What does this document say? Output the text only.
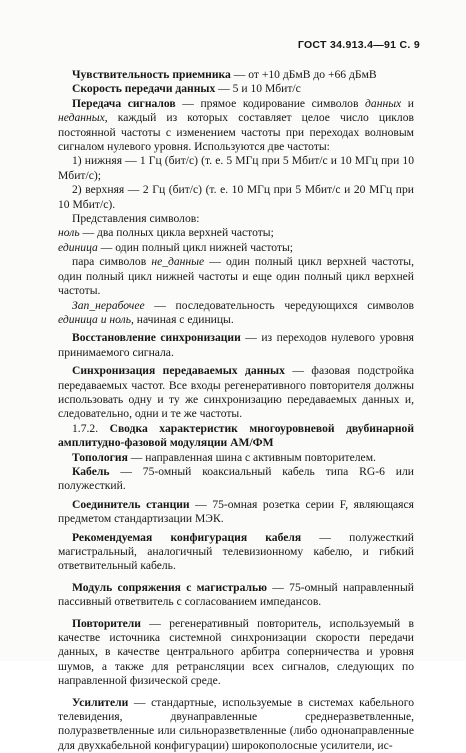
ГОСТ 34.913.4—91 С. 9

Чувствительность приемника — от +10 дБмВ до +66 дБмВ

Скорость передачи данных — 5 и 10 Мбит/с

Передача сигналов — прямое кодирование символов данных и неданных, каждый из которых составляет целое число циклов постоянной частоты с изменением частоты при переходах волновым сигналом нулевого уровня. Используются две частоты:

1) нижняя — 1 Гц (бит/с) (т. е. 5 МГц при 5 Мбит/с и 10 МГц при 10 Мбит/с);

2) верхняя — 2 Гц (бит/с) (т. е. 10 МГц при 5 Мбит/с и 20 МГц при 10 Мбит/с).

Представления символов:

ноль — два полных цикла верхней частоты;

единица — один полный цикл нижней частоты;

пара символов не_данные — один полный цикл верхней частоты, один полный цикл нижней частоты и еще один полный цикл верхней частоты.

Зап_нерабочее — последовательность чередующихся символов единица и ноль, начиная с единицы.

Восстановление синхронизации — из переходов нулевого уровня принимаемого сигнала.

Синхронизация передаваемых данных — фазовая подстройка передаваемых частот. Все входы регенеративного повторителя должны использовать одну и ту же синхронизацию передаваемых данных и, следовательно, одни и те же частоты.

1.7.2. Сводка характеристик многоуровневой двубинарной амплитудно-фазовой модуляции АМ/ФМ

Топология — направленная шина с активным повторителем.

Кабель — 75-омный коаксиальный кабель типа RG-6 или полужесткий.

Соединитель станции — 75-омная розетка серии F, являющаяся предметом стандартизации МЭК.

Рекомендуемая конфигурация кабеля — полужесткий магистральный, аналогичный телевизионному кабелю, и гибкий ответвительный кабель.

Модуль сопряжения с магистралью — 75-омный направленный пассивный ответвитель с согласованием импедансов.

Повторители — регенеративный повторитель, используемый в качестве источника системной синхронизации скорости передачи данных, в качестве центрального арбитра соперничества и уровня шумов, а также для ретрансляции всех сигналов, следующих по направленной физической среде.

Усилители — стандартные, используемые в системах кабельного телевидения, двунаправленные среднеразветвленные, полуразветвленные или сильноразветвленные (либо однонаправленные для двухкабельной конфигурации) широкополосные усилители, ис-
